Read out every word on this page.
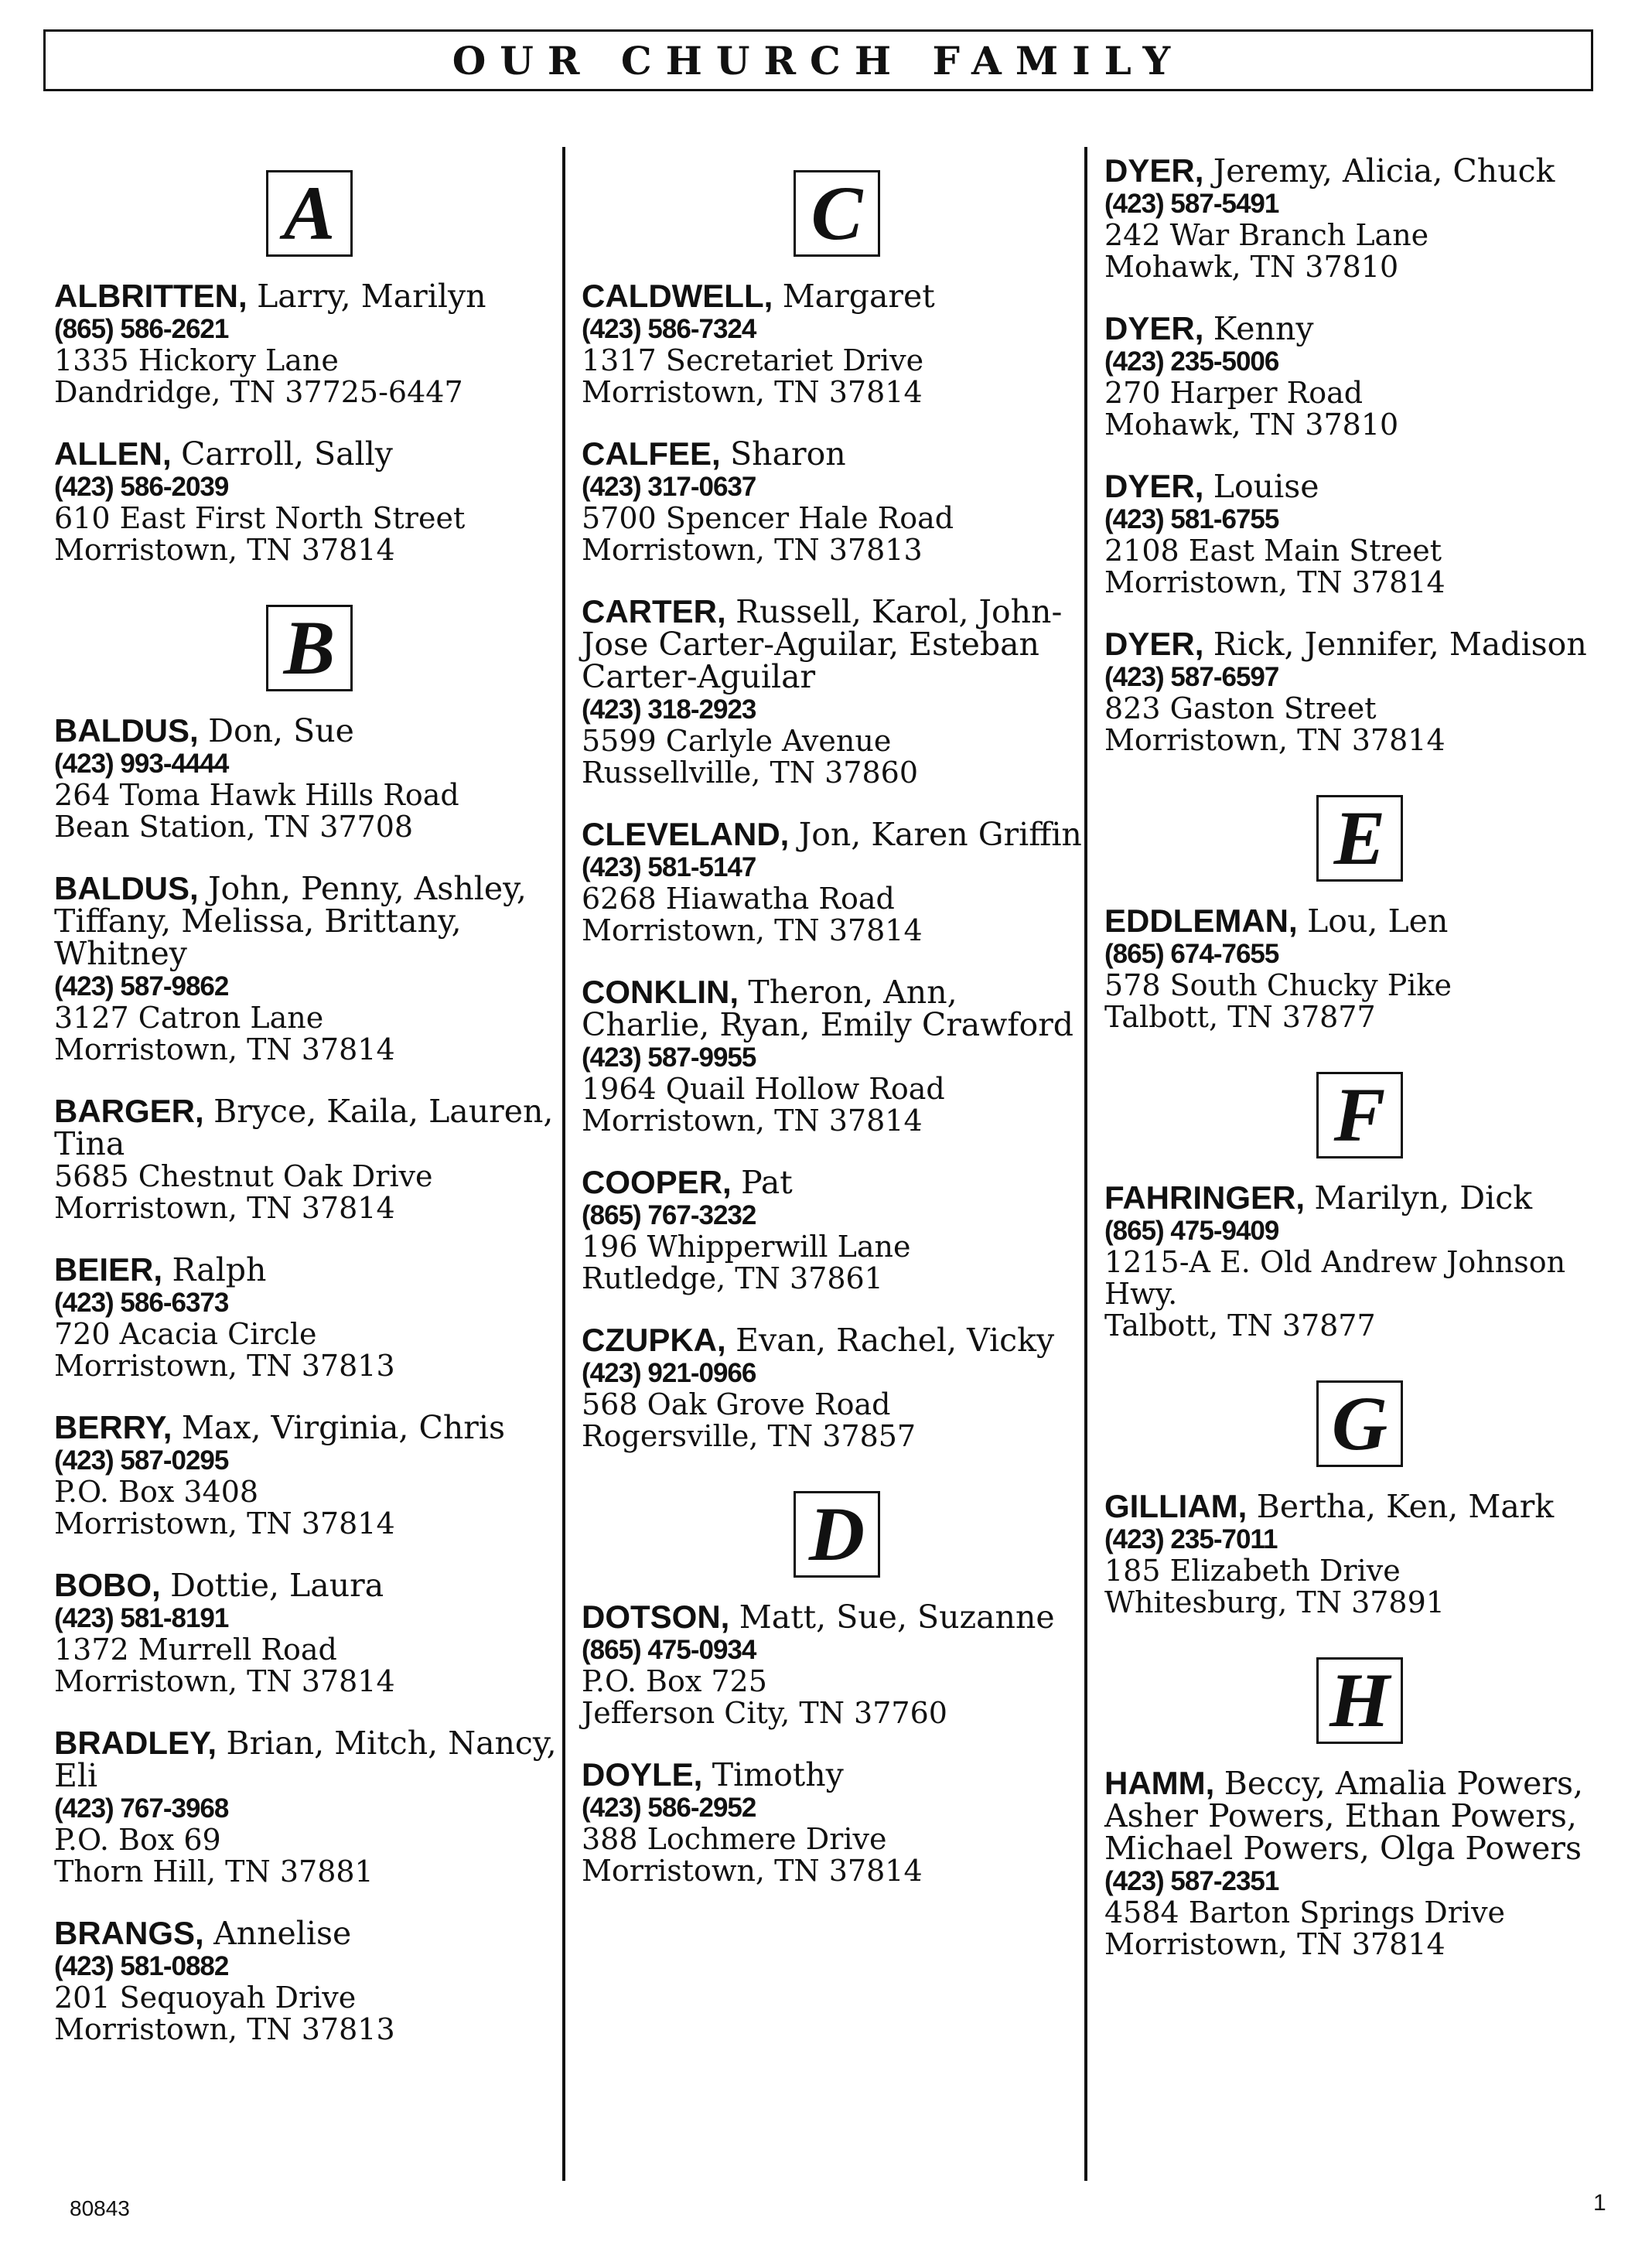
OUR CHURCH FAMILY
A
ALBRITTEN, Larry, Marilyn
(865) 586-2621
1335 Hickory Lane
Dandridge, TN 37725-6447
ALLEN, Carroll, Sally
(423) 586-2039
610 East First North Street
Morristown, TN 37814
B
BALDUS, Don, Sue
(423) 993-4444
264 Toma Hawk Hills Road
Bean Station, TN 37708
BALDUS, John, Penny, Ashley, Tiffany, Melissa, Brittany, Whitney
(423) 587-9862
3127 Catron Lane
Morristown, TN 37814
BARGER, Bryce, Kaila, Lauren, Tina
5685 Chestnut Oak Drive
Morristown, TN 37814
BEIER, Ralph
(423) 586-6373
720 Acacia Circle
Morristown, TN 37813
BERRY, Max, Virginia, Chris
(423) 587-0295
P.O. Box 3408
Morristown, TN 37814
BOBO, Dottie, Laura
(423) 581-8191
1372 Murrell Road
Morristown, TN 37814
BRADLEY, Brian, Mitch, Nancy, Eli
(423) 767-3968
P.O. Box 69
Thorn Hill, TN 37881
BRANGS, Annelise
(423) 581-0882
201 Sequoyah Drive
Morristown, TN 37813
C
CALDWELL, Margaret
(423) 586-7324
1317 Secretariet Drive
Morristown, TN 37814
CALFEE, Sharon
(423) 317-0637
5700 Spencer Hale Road
Morristown, TN 37813
CARTER, Russell, Karol, John-Jose Carter-Aguilar, Esteban Carter-Aguilar
(423) 318-2923
5599 Carlyle Avenue
Russellville, TN 37860
CLEVELAND, Jon, Karen Griffin
(423) 581-5147
6268 Hiawatha Road
Morristown, TN 37814
CONKLIN, Theron, Ann, Charlie, Ryan, Emily Crawford
(423) 587-9955
1964 Quail Hollow Road
Morristown, TN 37814
COOPER, Pat
(865) 767-3232
196 Whipperwill Lane
Rutledge, TN 37861
CZUPKA, Evan, Rachel, Vicky
(423) 921-0966
568 Oak Grove Road
Rogersville, TN 37857
D
DOTSON, Matt, Sue, Suzanne
(865) 475-0934
P.O. Box 725
Jefferson City, TN 37760
DOYLE, Timothy
(423) 586-2952
388 Lochmere Drive
Morristown, TN 37814
DYER, Jeremy, Alicia, Chuck
(423) 587-5491
242 War Branch Lane
Mohawk, TN 37810
DYER, Kenny
(423) 235-5006
270 Harper Road
Mohawk, TN 37810
DYER, Louise
(423) 581-6755
2108 East Main Street
Morristown, TN 37814
DYER, Rick, Jennifer, Madison
(423) 587-6597
823 Gaston Street
Morristown, TN 37814
E
EDDLEMAN, Lou, Len
(865) 674-7655
578 South Chucky Pike
Talbott, TN 37877
F
FAHRINGER, Marilyn, Dick
(865) 475-9409
1215-A E. Old Andrew Johnson Hwy.
Talbott, TN 37877
G
GILLIAM, Bertha, Ken, Mark
(423) 235-7011
185 Elizabeth Drive
Whitesburg, TN 37891
H
HAMM, Beccy, Amalia Powers, Asher Powers, Ethan Powers, Michael Powers, Olga Powers
(423) 587-2351
4584 Barton Springs Drive
Morristown, TN 37814
80843	1
